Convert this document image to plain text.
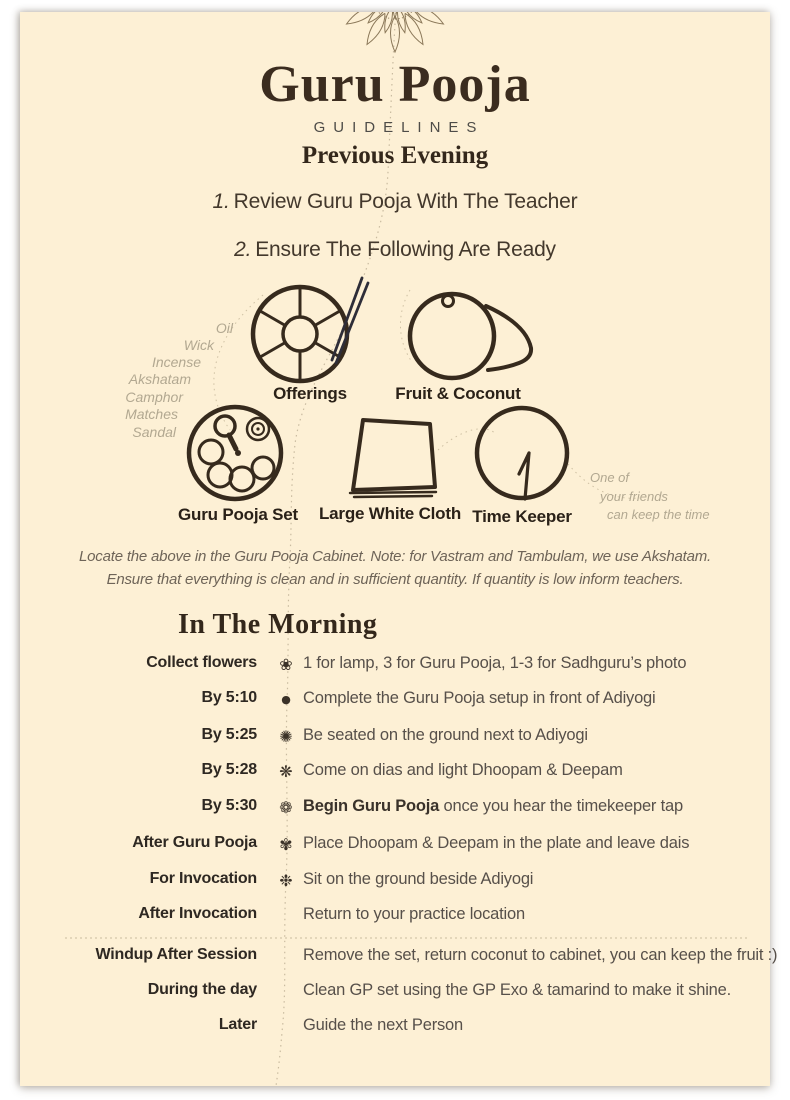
Guru Pooja
GUIDELINES
Previous Evening
1. Review Guru Pooja With The Teacher
2. Ensure The Following Are Ready
Oil
Wick
Incense
Akshatam
Camphor
Matches
Sandal
Offerings	Fruit & Coconut
Guru Pooja Set	Large White Cloth Time Keeper
One of
your friends
can keep the time
Locate the above in the Guru Pooja Cabinet. Note: for Vastram and Tambulam, we use Akshatam.
Ensure that everything is clean and in sufficient quantity. If quantity is low inform teachers.
In The Morning
Collect flowers	❀ 1 for lamp, 3 for Guru Pooja, 1-3 for Sadhguru’s photo
By 5:10	● Complete the Guru Pooja setup in front of Adiyogi
By 5:25	✺ Be seated on the ground next to Adiyogi
By 5:28	❋ Come on dias and light Dhoopam & Deepam
By 5:30	❁ Begin Guru Pooja once you hear the timekeeper tap
After Guru Pooja	✾ Place Dhoopam & Deepam in the plate and leave dais
For Invocation	❉ Sit on the ground beside Adiyogi
After Invocation	Return to your practice location
Windup After Session	Remove the set, return coconut to cabinet, you can keep the fruit :)
During the day	Clean GP set using the GP Exo & tamarind to make it shine.
Later	Guide the next Person
